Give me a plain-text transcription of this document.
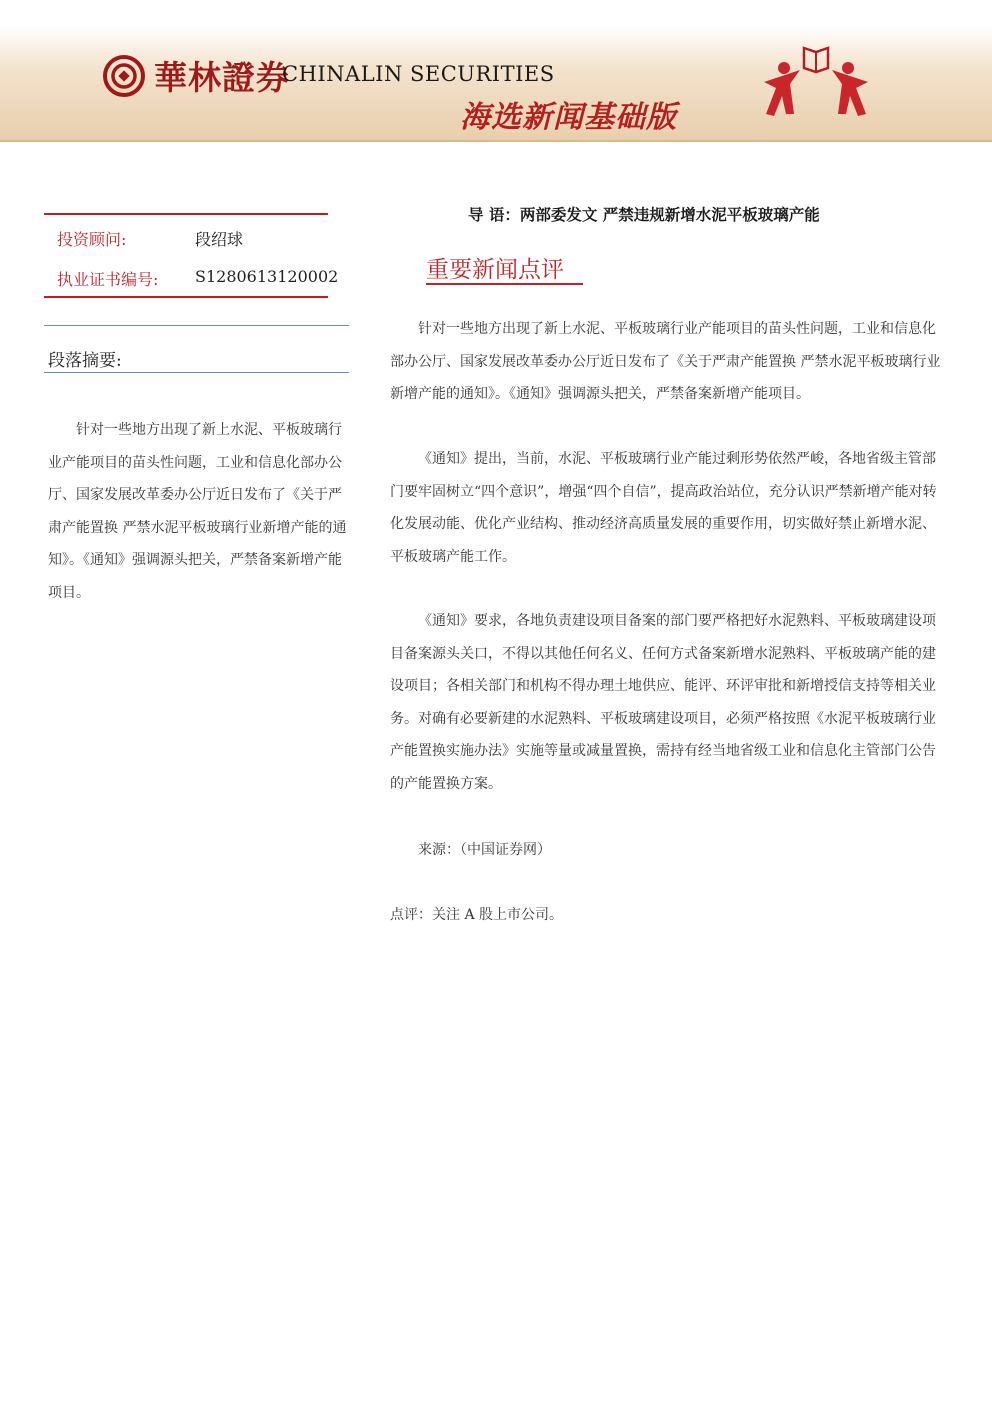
華林證券
CHINALIN SECURITIES
海选新闻基础版
投资顾问:	段绍球
执业证书编号: S1280613120002
段落摘要:

针对一些地方出现了新上水泥、平板玻璃行业产能项目的苗头性问题，工业和信息化部办公厅、国家发展改革委办公厅近日发布了《关于严肃产能置换 严禁水泥平板玻璃行业新增产能的通知》。《通知》强调源头把关，严禁备案新增产能项目。

导 语：两部委发文 严禁违规新增水泥平板玻璃产能
重要新闻点评

针对一些地方出现了新上水泥、平板玻璃行业产能项目的苗头性问题，工业和信息化部办公厅、国家发展改革委办公厅近日发布了《关于严肃产能置换 严禁水泥平板玻璃行业新增产能的通知》。《通知》强调源头把关，严禁备案新增产能项目。

《通知》提出，当前，水泥、平板玻璃行业产能过剩形势依然严峻，各地省级主管部门要牢固树立“四个意识”，增强“四个自信”，提高政治站位，充分认识严禁新增产能对转化发展动能、优化产业结构、推动经济高质量发展的重要作用，切实做好禁止新增水泥、平板玻璃产能工作。

《通知》要求，各地负责建设项目备案的部门要严格把好水泥熟料、平板玻璃建设项目备案源头关口，不得以其他任何名义、任何方式备案新增水泥熟料、平板玻璃产能的建设项目；各相关部门和机构不得办理土地供应、能评、环评审批和新增授信支持等相关业务。对确有必要新建的水泥熟料、平板玻璃建设项目，必须严格按照《水泥平板玻璃行业产能置换实施办法》实施等量或减量置换，需持有经当地省级工业和信息化主管部门公告的产能置换方案。

来源：（中国证券网）
点评：关注 A 股上市公司。
